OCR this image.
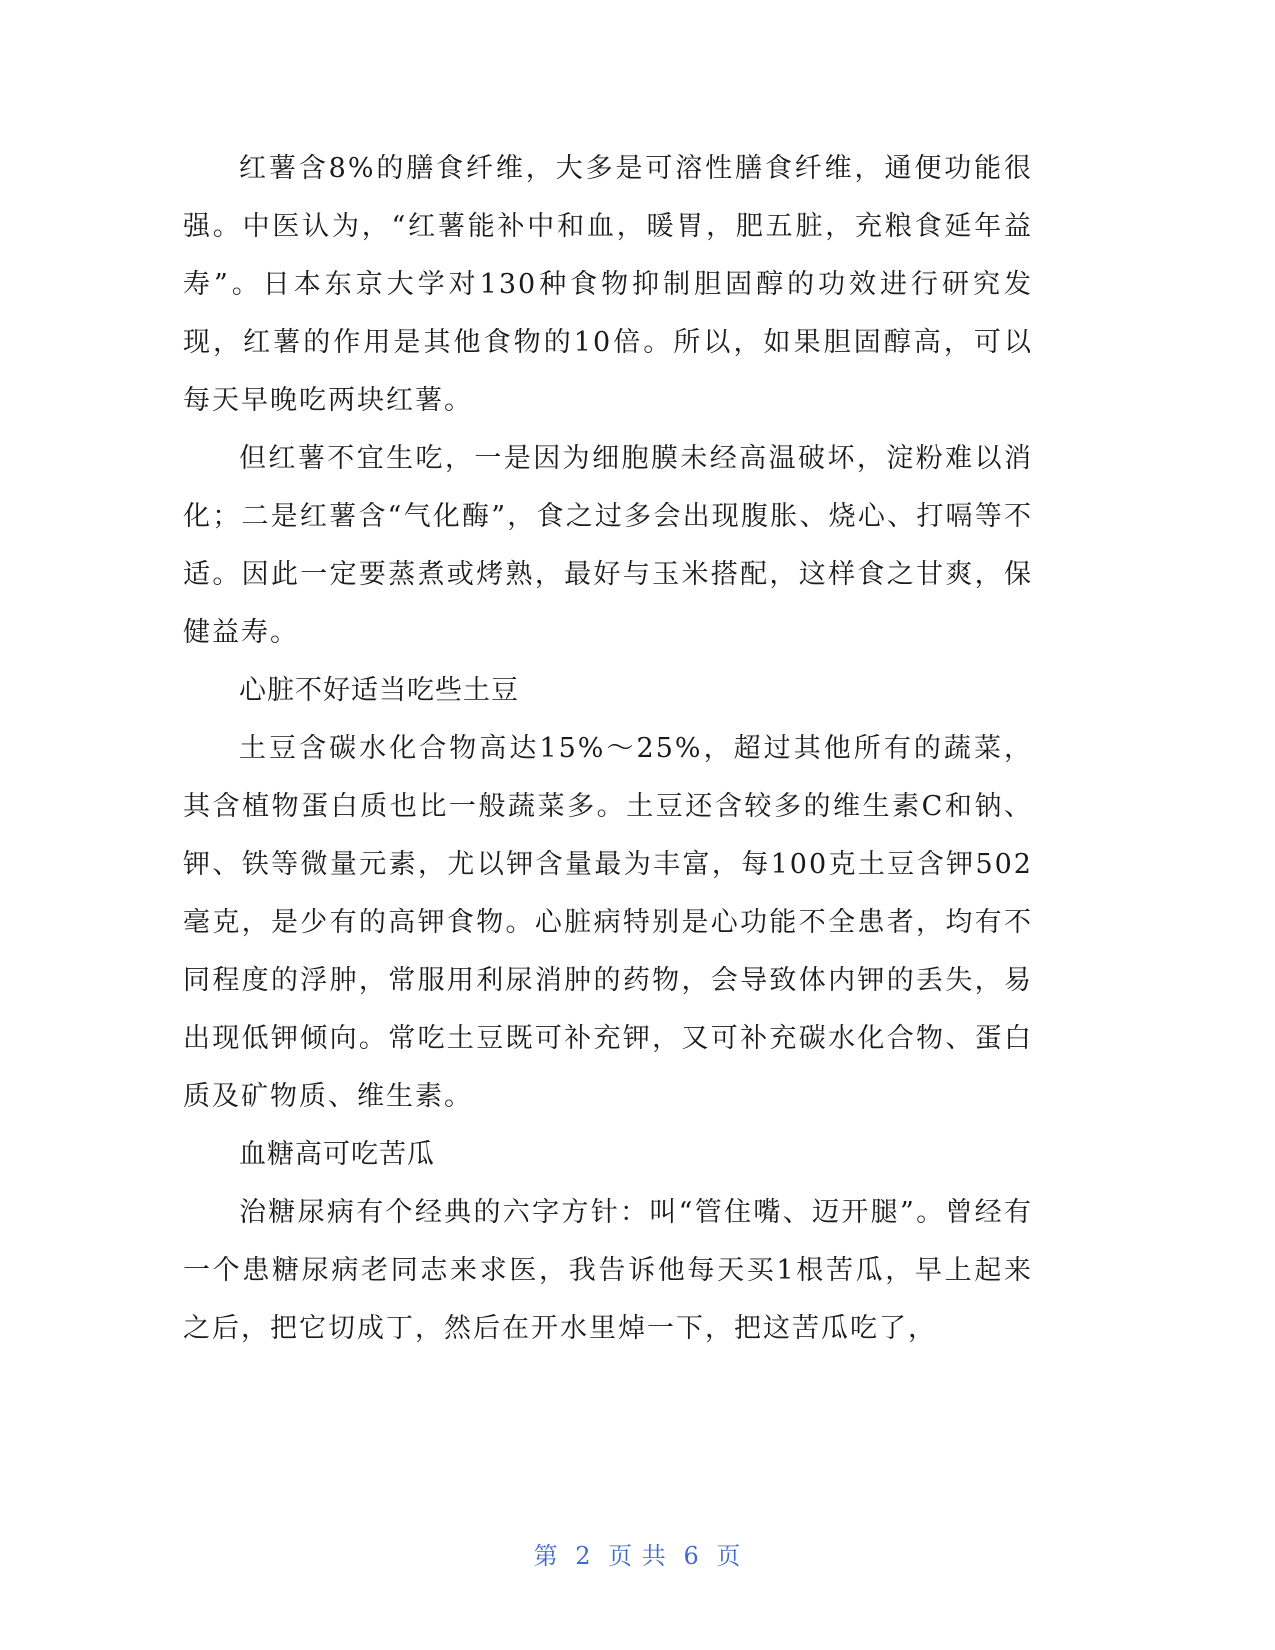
红薯含8%的膳食纤维，大多是可溶性膳食纤维，通便功能很强。中医认为，“红薯能补中和血，暖胃，肥五脏，充粮食延年益寿”。日本东京大学对130种食物抑制胆固醇的功效进行研究发现，红薯的作用是其他食物的10倍。所以，如果胆固醇高，可以每天早晚吃两块红薯。

但红薯不宜生吃，一是因为细胞膜未经高温破坏，淀粉难以消化；二是红薯含“气化酶”，食之过多会出现腹胀、烧心、打嗝等不适。因此一定要蒸煮或烤熟，最好与玉米搭配，这样食之甘爽，保健益寿。

心脏不好适当吃些土豆

土豆含碳水化合物高达15%～25%，超过其他所有的蔬菜，其含植物蛋白质也比一般蔬菜多。土豆还含较多的维生素C和钠、钾、铁等微量元素，尤以钾含量最为丰富，每100克土豆含钾502毫克，是少有的高钾食物。心脏病特别是心功能不全患者，均有不同程度的浮肿，常服用利尿消肿的药物，会导致体内钾的丢失，易出现低钾倾向。常吃土豆既可补充钾，又可补充碳水化合物、蛋白质及矿物质、维生素。

血糖高可吃苦瓜

治糖尿病有个经典的六字方针：叫“管住嘴、迈开腿”。曾经有一个患糖尿病老同志来求医，我告诉他每天买1根苦瓜，早上起来之后，把它切成丁，然后在开水里焯一下，把这苦瓜吃了，

第 2 页 共 6 页
